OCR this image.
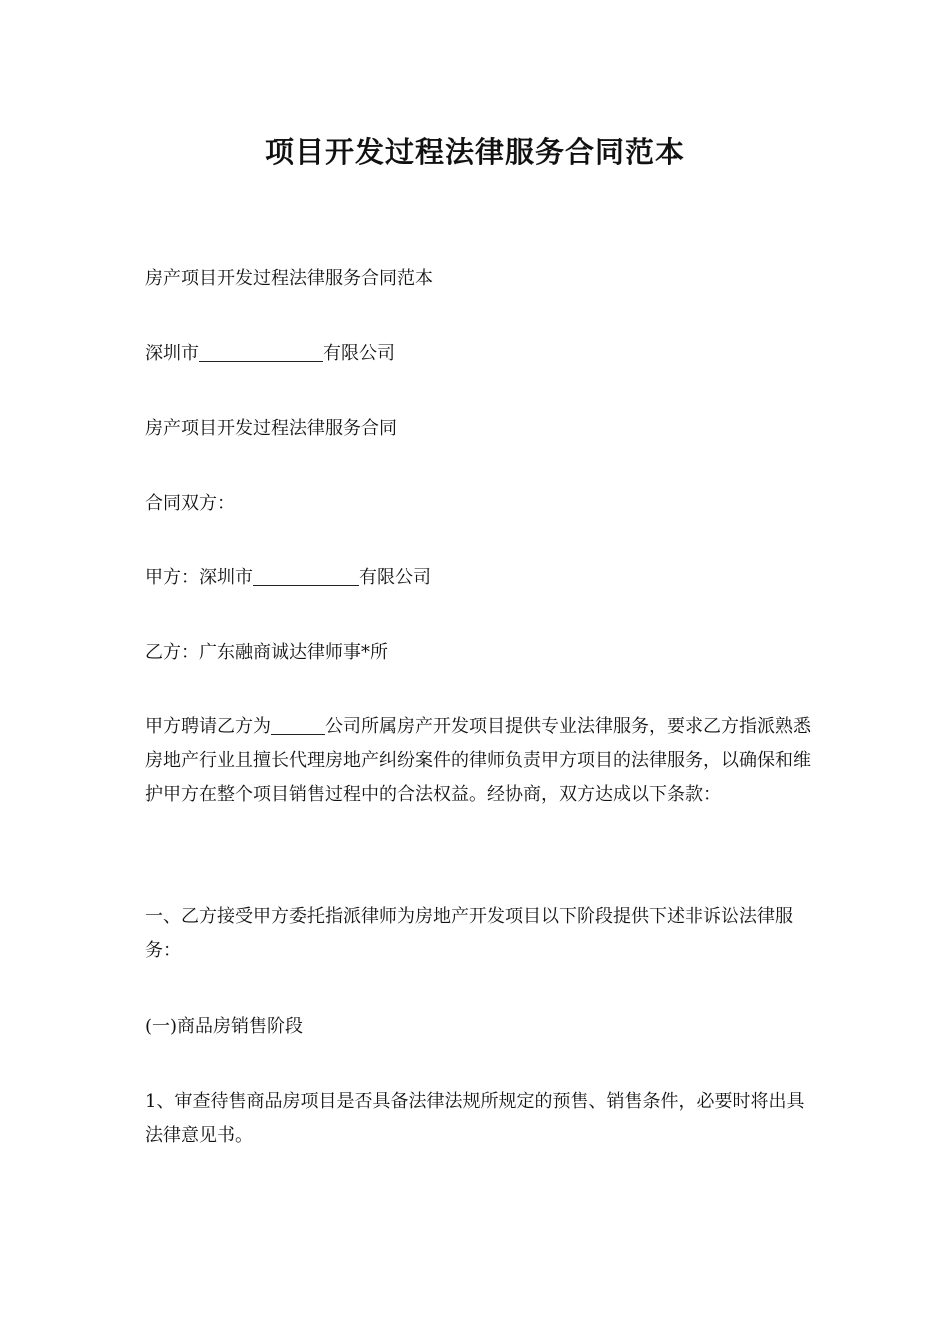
项目开发过程法律服务合同范本

房产项目开发过程法律服务合同范本

深圳市	有限公司

房产项目开发过程法律服务合同

合同双方：

甲方：深圳市	有限公司

乙方：广东融商诚达律师事*所

甲方聘请乙方为	公司所属房产开发项目提供专业法律服务，要求乙方指派熟悉房地产行业且擅长代理房地产纠纷案件的律师负责甲方项目的法律服务，以确保和维护甲方在整个项目销售过程中的合法权益。经协商，双方达成以下条款：

一、乙方接受甲方委托指派律师为房地产开发项目以下阶段提供下述非诉讼法律服务：

(一)商品房销售阶段

1、审查待售商品房项目是否具备法律法规所规定的预售、销售条件，必要时将出具法律意见书。
